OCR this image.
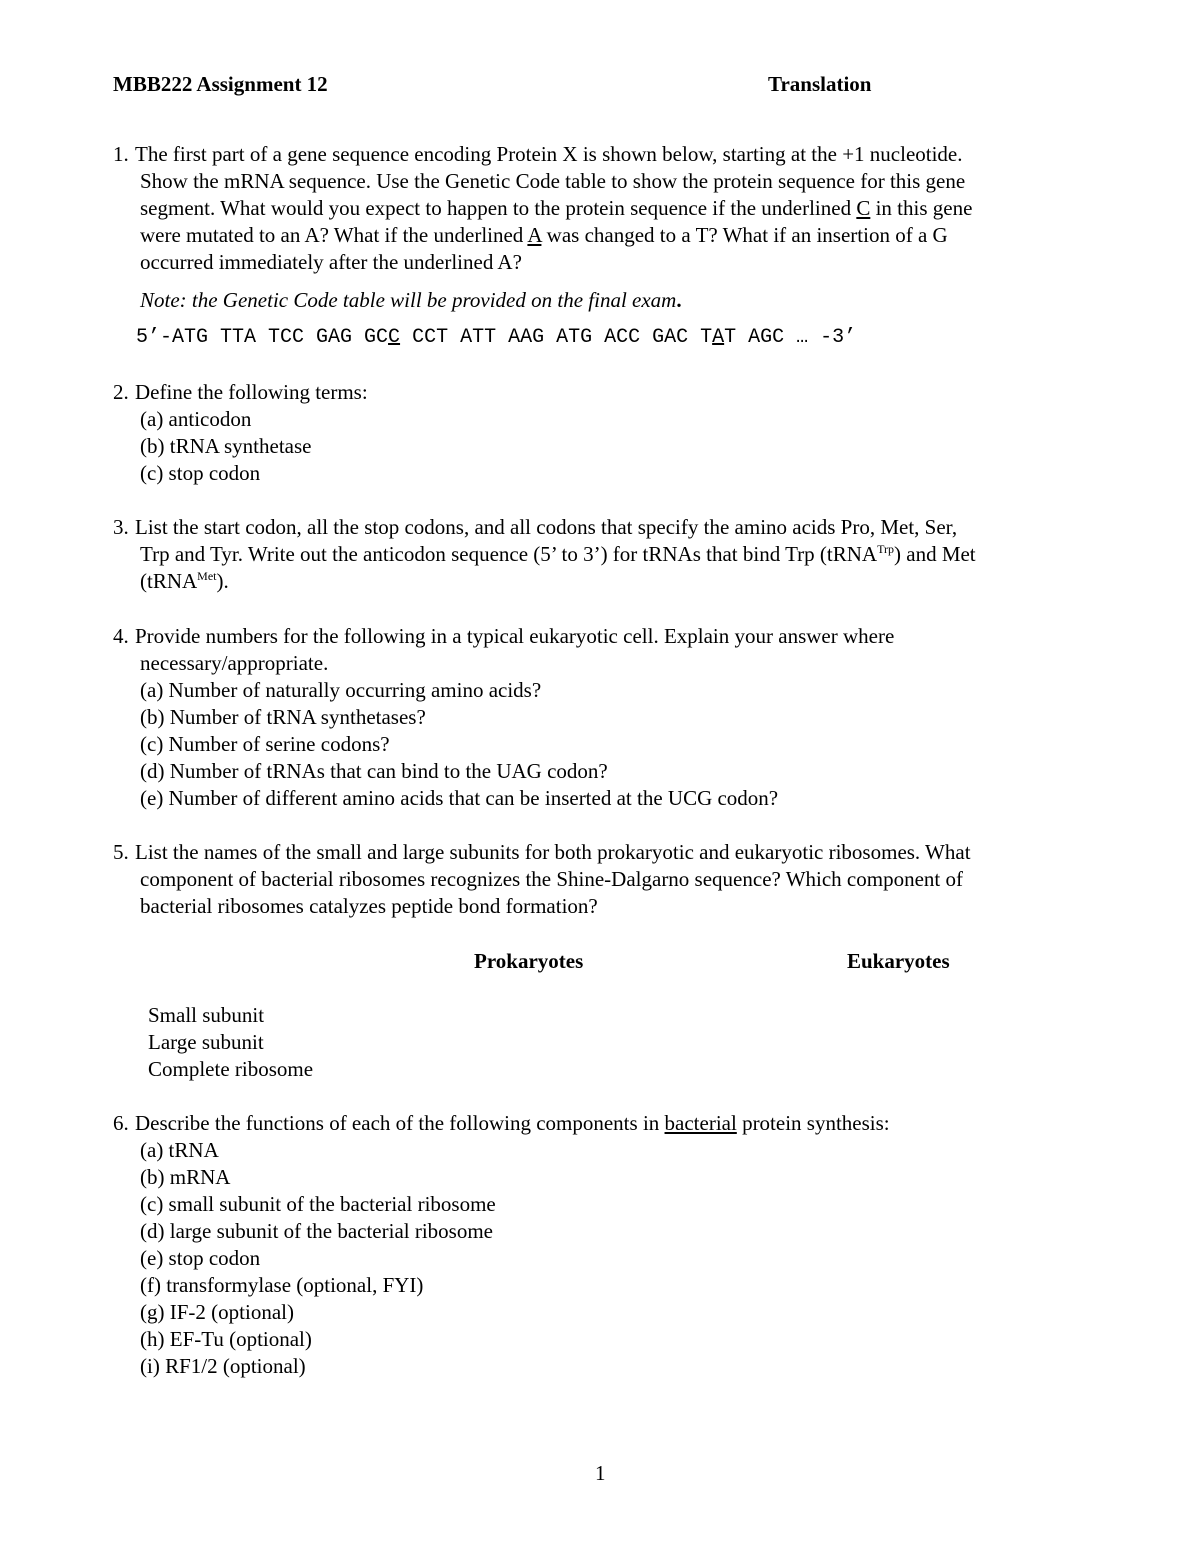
MBB222 Assignment 12	Translation
1. The first part of a gene sequence encoding Protein X is shown below, starting at the +1 nucleotide.
Show the mRNA sequence. Use the Genetic Code table to show the protein sequence for this gene
segment. What would you expect to happen to the protein sequence if the underlined C in this gene
were mutated to an A? What if the underlined A was changed to a T? What if an insertion of a G
occurred immediately after the underlined A?
Note: the Genetic Code table will be provided on the final exam.
5’-ATG TTA TCC GAG GCC CCT ATT AAG ATG ACC GAC TAT AGC … -3’
2. Define the following terms:
(a) anticodon
(b) tRNA synthetase
(c) stop codon
3. List the start codon, all the stop codons, and all codons that specify the amino acids Pro, Met, Ser,
Trp and Tyr. Write out the anticodon sequence (5’ to 3’) for tRNAs that bind Trp (tRNA$^{Trp}$) and Met
(tRNA$^{Met}$).
4. Provide numbers for the following in a typical eukaryotic cell. Explain your answer where
necessary/appropriate.
(a) Number of naturally occurring amino acids?
(b) Number of tRNA synthetases?
(c) Number of serine codons?
(d) Number of tRNAs that can bind to the UAG codon?
(e) Number of different amino acids that can be inserted at the UCG codon?
5. List the names of the small and large subunits for both prokaryotic and eukaryotic ribosomes. What
component of bacterial ribosomes recognizes the Shine-Dalgarno sequence? Which component of
bacterial ribosomes catalyzes peptide bond formation?
Prokaryotes	Eukaryotes
Small subunit
Large subunit
Complete ribosome
6. Describe the functions of each of the following components in bacterial protein synthesis:
(a) tRNA
(b) mRNA
(c) small subunit of the bacterial ribosome
(d) large subunit of the bacterial ribosome
(e) stop codon
(f) transformylase (optional, FYI)
(g) IF-2 (optional)
(h) EF-Tu (optional)
(i) RF1/2 (optional)
1
